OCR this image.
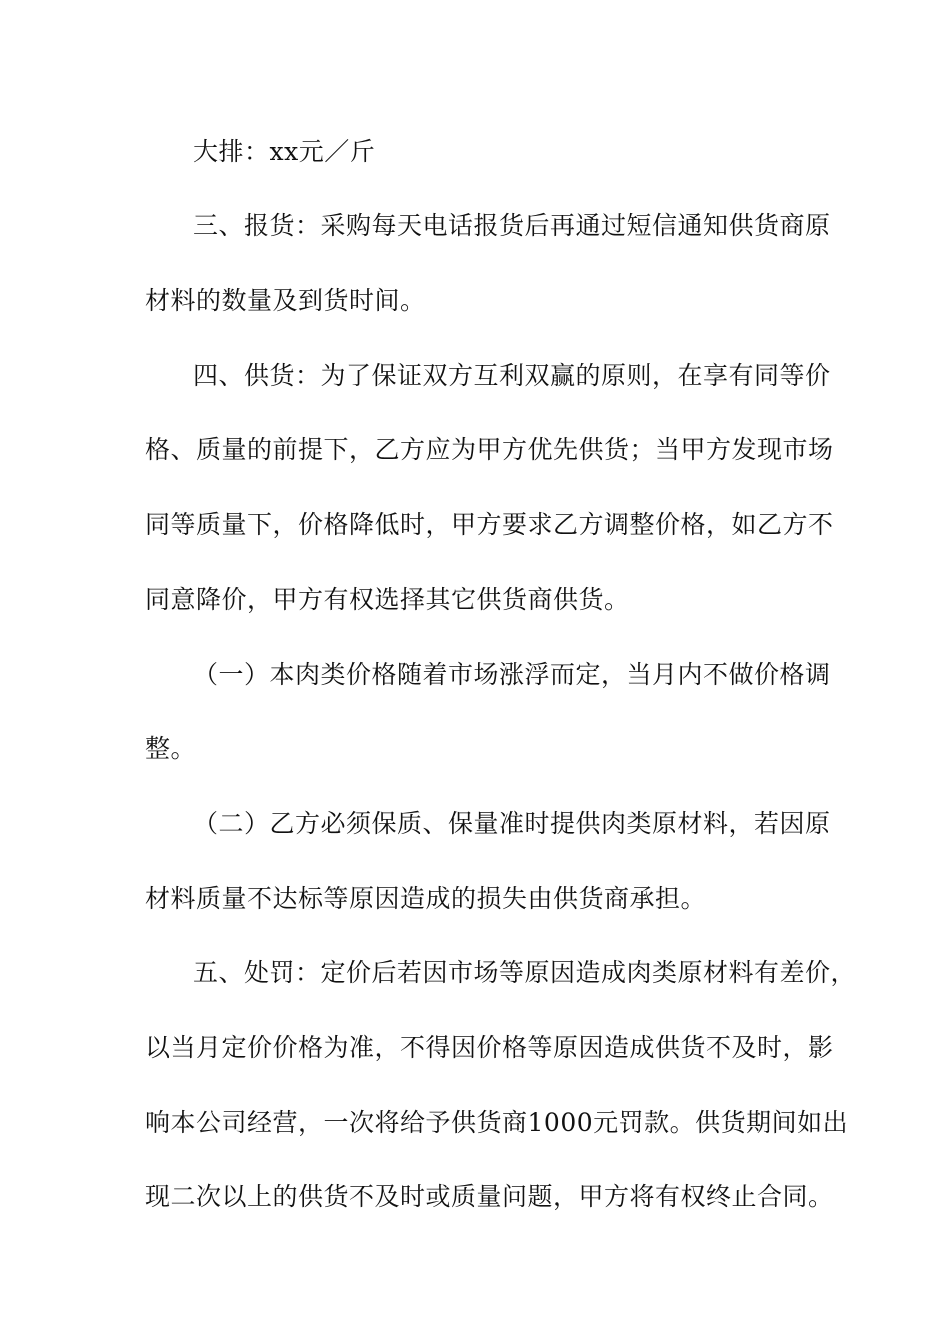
大排：xx元／斤
三、报货：采购每天电话报货后再通过短信通知供货商原
材料的数量及到货时间。
四、供货：为了保证双方互利双赢的原则，在享有同等价
格、质量的前提下，乙方应为甲方优先供货；当甲方发现市场
同等质量下，价格降低时，甲方要求乙方调整价格，如乙方不
同意降价，甲方有权选择其它供货商供货。
（一）本肉类价格随着市场涨浮而定，当月内不做价格调
整。
（二）乙方必须保质、保量准时提供肉类原材料，若因原
材料质量不达标等原因造成的损失由供货商承担。
五、处罚：定价后若因市场等原因造成肉类原材料有差价，
以当月定价价格为准，不得因价格等原因造成供货不及时，影
响本公司经营，一次将给予供货商1000元罚款。供货期间如出
现二次以上的供货不及时或质量问题，甲方将有权终止合同。
